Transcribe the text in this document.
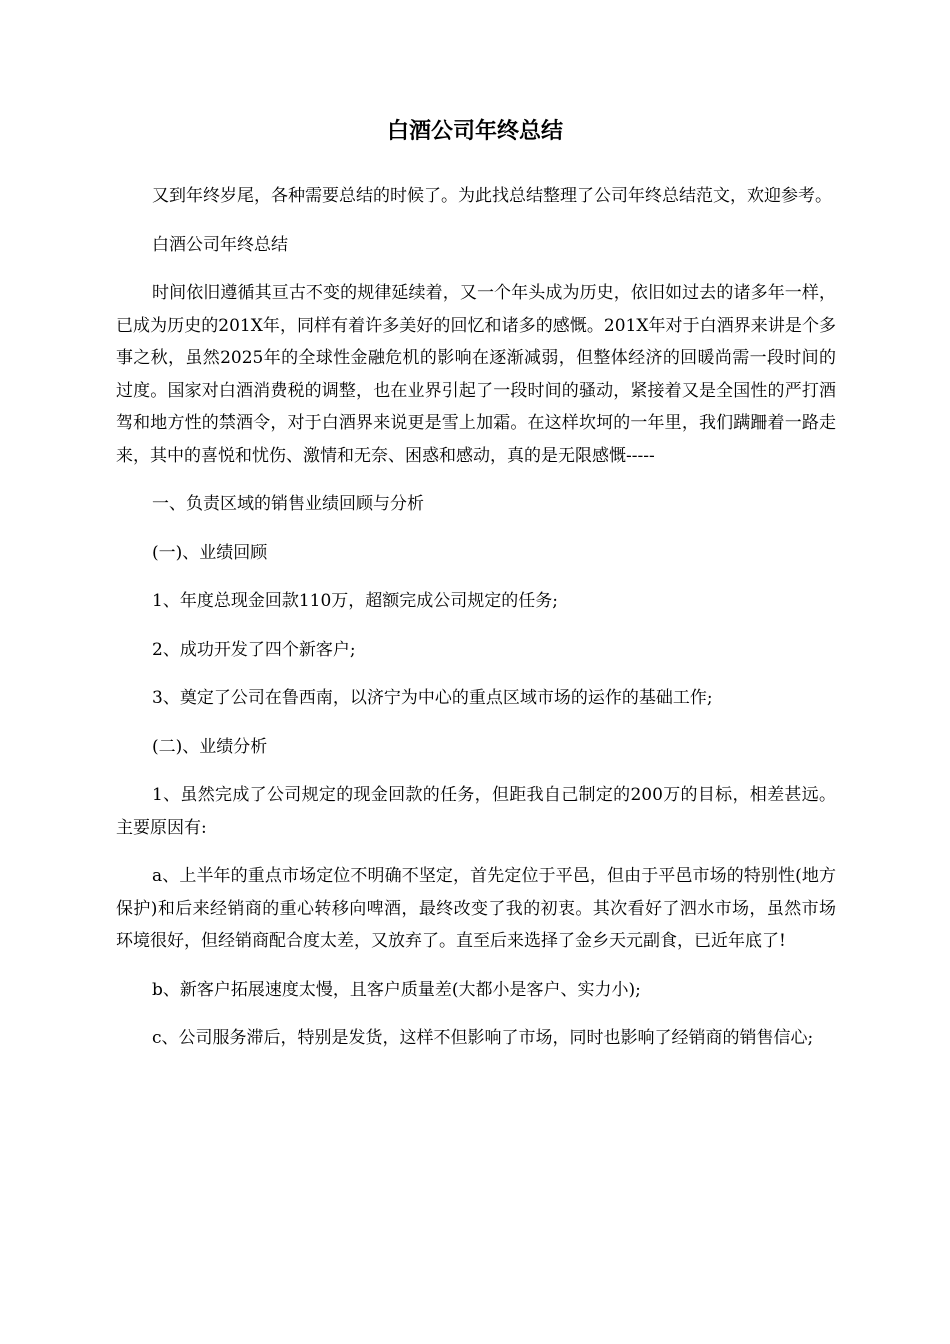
白酒公司年终总结

又到年终岁尾，各种需要总结的时候了。为此找总结整理了公司年终总结范文，欢迎参考。

白酒公司年终总结

时间依旧遵循其亘古不变的规律延续着，又一个年头成为历史，依旧如过去的诸多年一样，已成为历史的201X年，同样有着许多美好的回忆和诸多的感慨。201X年对于白酒界来讲是个多事之秋，虽然2025年的全球性金融危机的影响在逐渐减弱，但整体经济的回暖尚需一段时间的过度。国家对白酒消费税的调整，也在业界引起了一段时间的骚动，紧接着又是全国性的严打酒驾和地方性的禁酒令，对于白酒界来说更是雪上加霜。在这样坎坷的一年里，我们蹒跚着一路走来，其中的喜悦和忧伤、激情和无奈、困惑和感动，真的是无限感慨-----

一、负责区域的销售业绩回顾与分析

(一)、业绩回顾

1、年度总现金回款110万，超额完成公司规定的任务;

2、成功开发了四个新客户;

3、奠定了公司在鲁西南，以济宁为中心的重点区域市场的运作的基础工作;

(二)、业绩分析

1、虽然完成了公司规定的现金回款的任务，但距我自己制定的200万的目标，相差甚远。主要原因有:

a、上半年的重点市场定位不明确不坚定，首先定位于平邑，但由于平邑市场的特别性(地方保护)和后来经销商的重心转移向啤酒，最终改变了我的初衷。其次看好了泗水市场，虽然市场环境很好，但经销商配合度太差，又放弃了。直至后来选择了金乡天元副食，已近年底了!

b、新客户拓展速度太慢，且客户质量差(大都小是客户、实力小);

c、公司服务滞后，特别是发货，这样不但影响了市场，同时也影响了经销商的销售信心;
